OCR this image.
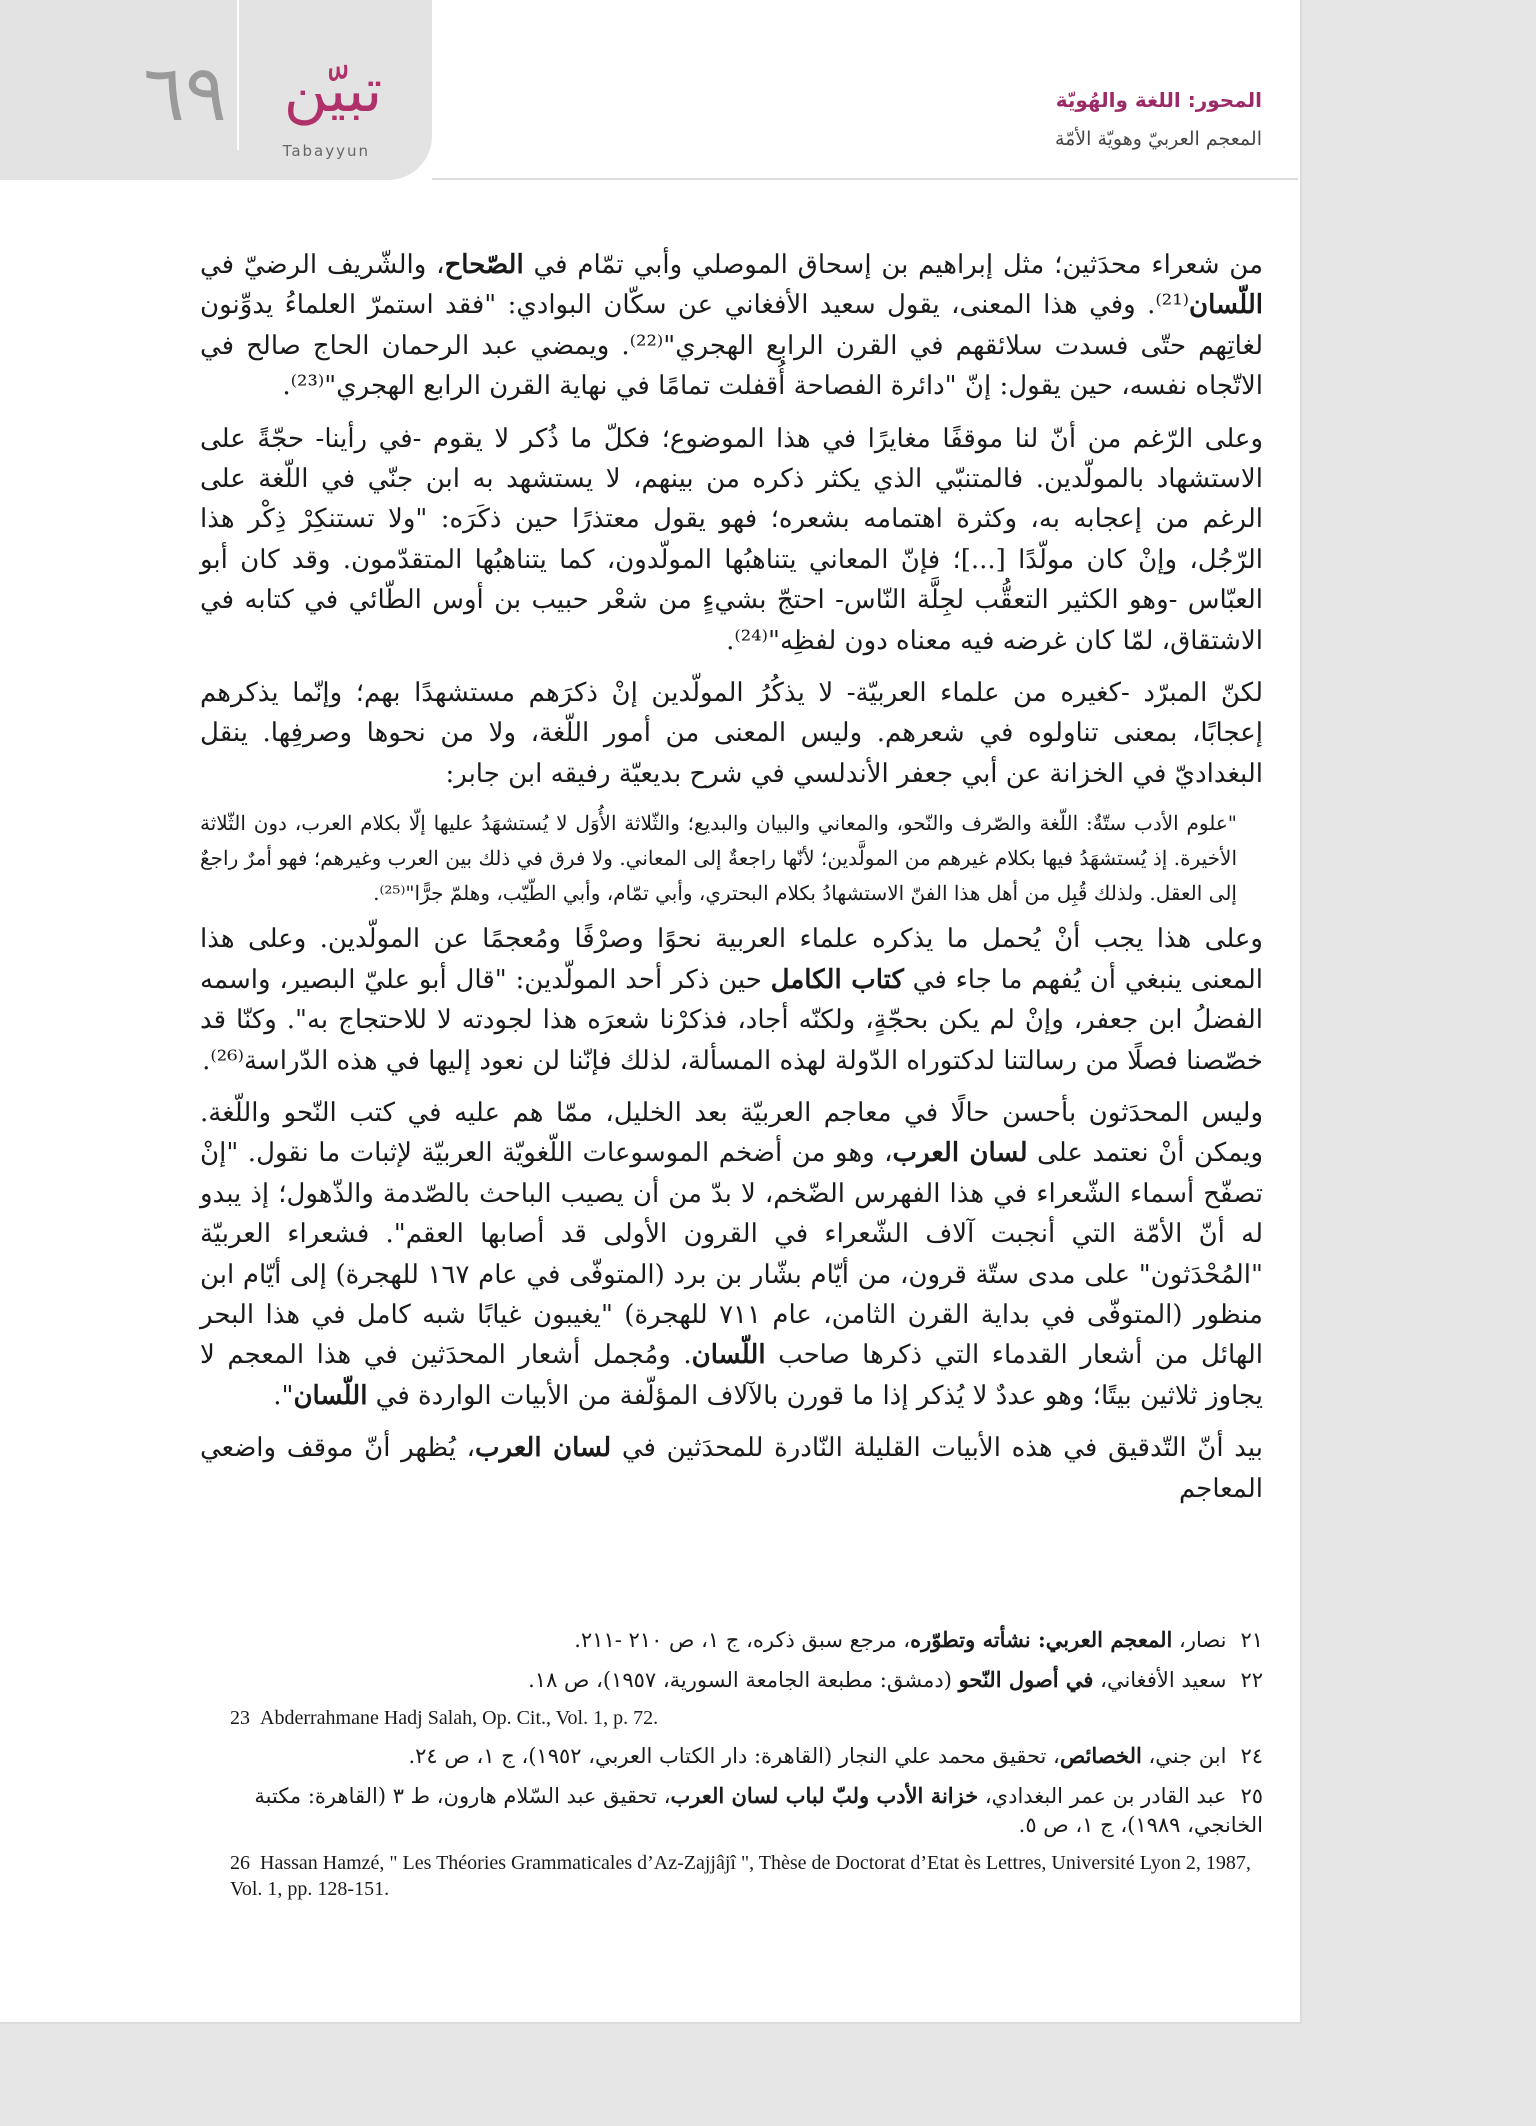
٦٩ تبيّن
Tabayyun
المحور: اللغة والهُويّة
المعجم العربيّ وهويّة الأمّة

من شعراء محدَثين؛ مثل إبراهيم بن إسحاق الموصلي وأبي تمّام في الصّحاح، والشّريف الرضيّ في اللّسان⁽²¹⁾. وفي هذا المعنى، يقول سعيد الأفغاني عن سكّان البوادي: "فقد استمرّ العلماءُ يدوِّنون لغاتِهم حتّى فسدت سلائقهم في القرن الرابع الهجري"⁽²²⁾. ويمضي عبد الرحمان الحاج صالح في الاتّجاه نفسه، حين يقول: إنّ "دائرة الفصاحة أُقفلت تمامًا في نهاية القرن الرابع الهجري"⁽²³⁾.

وعلى الرّغم من أنّ لنا موقفًا مغايرًا في هذا الموضوع؛ فكلّ ما ذُكر لا يقوم -في رأينا- حجّةً على الاستشهاد بالمولّدين. فالمتنبّي الذي يكثر ذكره من بينهم، لا يستشهد به ابن جنّي في اللّغة على الرغم من إعجابه به، وكثرة اهتمامه بشعره؛ فهو يقول معتذرًا حين ذكَرَه: "ولا تستنكِرْ ذِكْر هذا الرّجُل، وإنْ كان مولّدًا [...]؛ فإنّ المعاني يتناهبُها المولّدون، كما يتناهبُها المتقدّمون. وقد كان أبو العبّاس -وهو الكثير التعقُّب لجِلَّة النّاس- احتجّ بشيءٍ من شعْر حبيب بن أوس الطّائي في كتابه في الاشتقاق، لمّا كان غرضه فيه معناه دون لفظِه"⁽²⁴⁾.

لكنّ المبرّد -كغيره من علماء العربيّة- لا يذكُرُ المولّدين إنْ ذكرَهم مستشهدًا بهم؛ وإنّما يذكرهم إعجابًا، بمعنى تناولوه في شعرهم. وليس المعنى من أمور اللّغة، ولا من نحوها وصرفِها. ينقل البغداديّ في الخزانة عن أبي جعفر الأندلسي في شرح بديعيّة رفيقه ابن جابر:

"علوم الأدب ستّةٌ: اللّغة والصّرف والنّحو، والمعاني والبيان والبديع؛ والثّلاثة الأُوَل لا يُستشهَدُ عليها إلّا بكلام العرب، دون الثّلاثة الأخيرة. إذ يُستشهَدُ فيها بكلام غيرهم من المولَّدين؛ لأنّها راجعةٌ إلى المعاني. ولا فرق في ذلك بين العرب وغيرهم؛ فهو أمرٌ راجعٌ إلى العقل. ولذلك قُبِل من أهل هذا الفنّ الاستشهادُ بكلام البحتري، وأبي تمّام، وأبي الطّيّب، وهلمّ جرًّا"⁽²⁵⁾.

وعلى هذا يجب أنْ يُحمل ما يذكره علماء العربية نحوًا وصرْفًا ومُعجمًا عن المولّدين. وعلى هذا المعنى ينبغي أن يُفهم ما جاء في كتاب الكامل حين ذكر أحد المولّدين: "قال أبو عليّ البصير، واسمه الفضلُ ابن جعفر، وإنْ لم يكن بحجّةٍ، ولكنّه أجاد، فذكرْنا شعرَه هذا لجودته لا للاحتجاج به". وكنّا قد خصّصنا فصلًا من رسالتنا لدكتوراه الدّولة لهذه المسألة، لذلك فإنّنا لن نعود إليها في هذه الدّراسة⁽²⁶⁾.

وليس المحدَثون بأحسن حالًا في معاجم العربيّة بعد الخليل، ممّا هم عليه في كتب النّحو واللّغة. ويمكن أنْ نعتمد على لسان العرب، وهو من أضخم الموسوعات اللّغويّة العربيّة لإثبات ما نقول. "إنْ تصفّح أسماء الشّعراء في هذا الفهرس الضّخم، لا بدّ من أن يصيب الباحث بالصّدمة والذّهول؛ إذ يبدو له أنّ الأمّة التي أنجبت آلاف الشّعراء في القرون الأولى قد أصابها العقم". فشعراء العربيّة "المُحْدَثون" على مدى ستّة قرون، من أيّام بشّار بن برد (المتوفّى في عام ١٦٧ للهجرة) إلى أيّام ابن منظور (المتوفّى في بداية القرن الثامن، عام ٧١١ للهجرة) "يغيبون غيابًا شبه كامل في هذا البحر الهائل من أشعار القدماء التي ذكرها صاحب اللّسان. ومُجمل أشعار المحدَثين في هذا المعجم لا يجاوز ثلاثين بيتًا؛ وهو عددٌ لا يُذكر إذا ما قورن بالآلاف المؤلّفة من الأبيات الواردة في اللّسان".

بيد أنّ التّدقيق في هذه الأبيات القليلة النّادرة للمحدَثين في لسان العرب، يُظهر أنّ موقف واضعي المعاجم

٢١نصار، المعجم العربي: نشأته وتطوّره، مرجع سبق ذكره، ج ١، ص ٢١٠ -٢١١.

٢٢سعيد الأفغاني، في أصول النّحو (دمشق: مطبعة الجامعة السورية، ١٩٥٧)، ص ١٨.

23 Abderrahmane Hadj Salah, Op. Cit., Vol. 1, p. 72.

٢٤ابن جني، الخصائص، تحقيق محمد علي النجار (القاهرة: دار الكتاب العربي، ١٩٥٢)، ج ١، ص ٢٤.

٢٥عبد القادر بن عمر البغدادي، خزانة الأدب ولبّ لباب لسان العرب، تحقيق عبد السّلام هارون، ط ٣ (القاهرة: مكتبة الخانجي، ١٩٨٩)، ج ١، ص ٥.

26 Hassan Hamzé, " Les Théories Grammaticales d’Az-Zajjâjî ", Thèse de Doctorat d’Etat ès Lettres, Université Lyon 2, 1987, Vol. 1, pp. 128-151.
